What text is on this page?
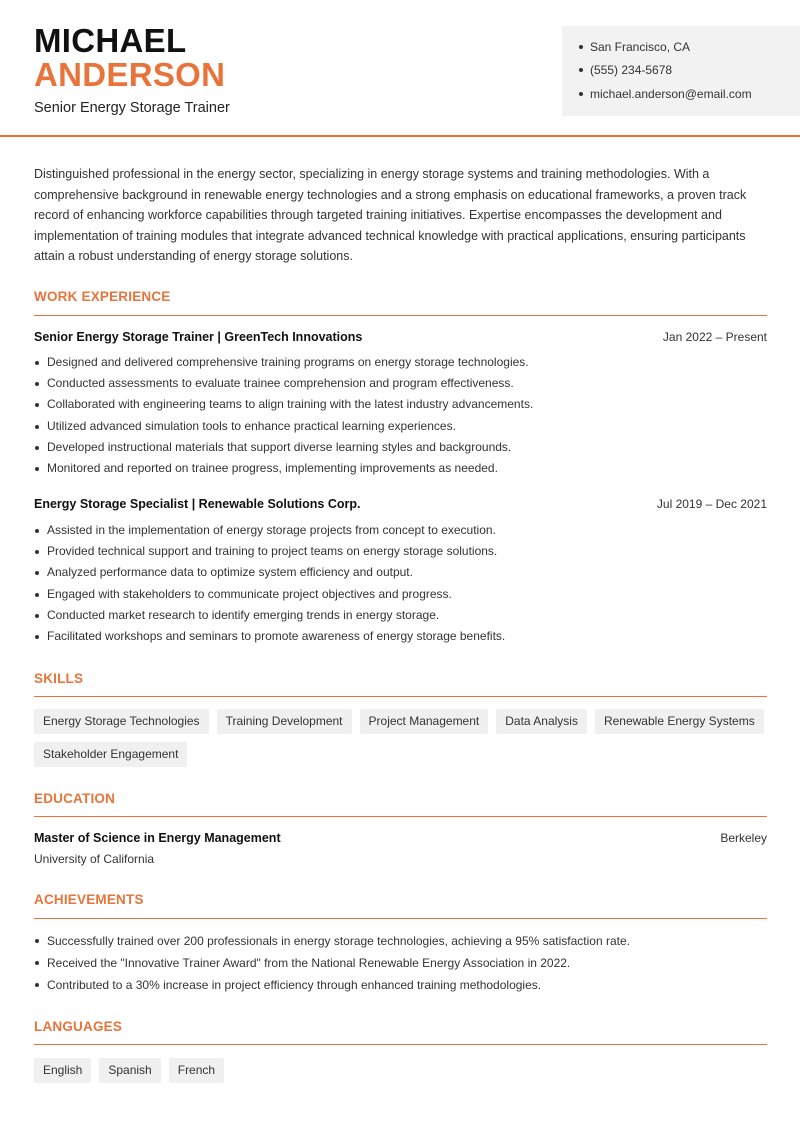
MICHAEL
ANDERSON
Senior Energy Storage Trainer
San Francisco, CA
(555) 234-5678
michael.anderson@email.com
Distinguished professional in the energy sector, specializing in energy storage systems and training methodologies. With a comprehensive background in renewable energy technologies and a strong emphasis on educational frameworks, a proven track record of enhancing workforce capabilities through targeted training initiatives. Expertise encompasses the development and implementation of training modules that integrate advanced technical knowledge with practical applications, ensuring participants attain a robust understanding of energy storage solutions.
WORK EXPERIENCE
Senior Energy Storage Trainer | GreenTech Innovations	Jan 2022 – Present
Designed and delivered comprehensive training programs on energy storage technologies.
Conducted assessments to evaluate trainee comprehension and program effectiveness.
Collaborated with engineering teams to align training with the latest industry advancements.
Utilized advanced simulation tools to enhance practical learning experiences.
Developed instructional materials that support diverse learning styles and backgrounds.
Monitored and reported on trainee progress, implementing improvements as needed.
Energy Storage Specialist | Renewable Solutions Corp.	Jul 2019 – Dec 2021
Assisted in the implementation of energy storage projects from concept to execution.
Provided technical support and training to project teams on energy storage solutions.
Analyzed performance data to optimize system efficiency and output.
Engaged with stakeholders to communicate project objectives and progress.
Conducted market research to identify emerging trends in energy storage.
Facilitated workshops and seminars to promote awareness of energy storage benefits.
SKILLS
Energy Storage Technologies	Training Development	Project Management	Data Analysis	Renewable Energy Systems
Stakeholder Engagement
EDUCATION
Master of Science in Energy Management	Berkeley
University of California
ACHIEVEMENTS
Successfully trained over 200 professionals in energy storage technologies, achieving a 95% satisfaction rate.
Received the "Innovative Trainer Award" from the National Renewable Energy Association in 2022.
Contributed to a 30% increase in project efficiency through enhanced training methodologies.
LANGUAGES
English	Spanish	French
